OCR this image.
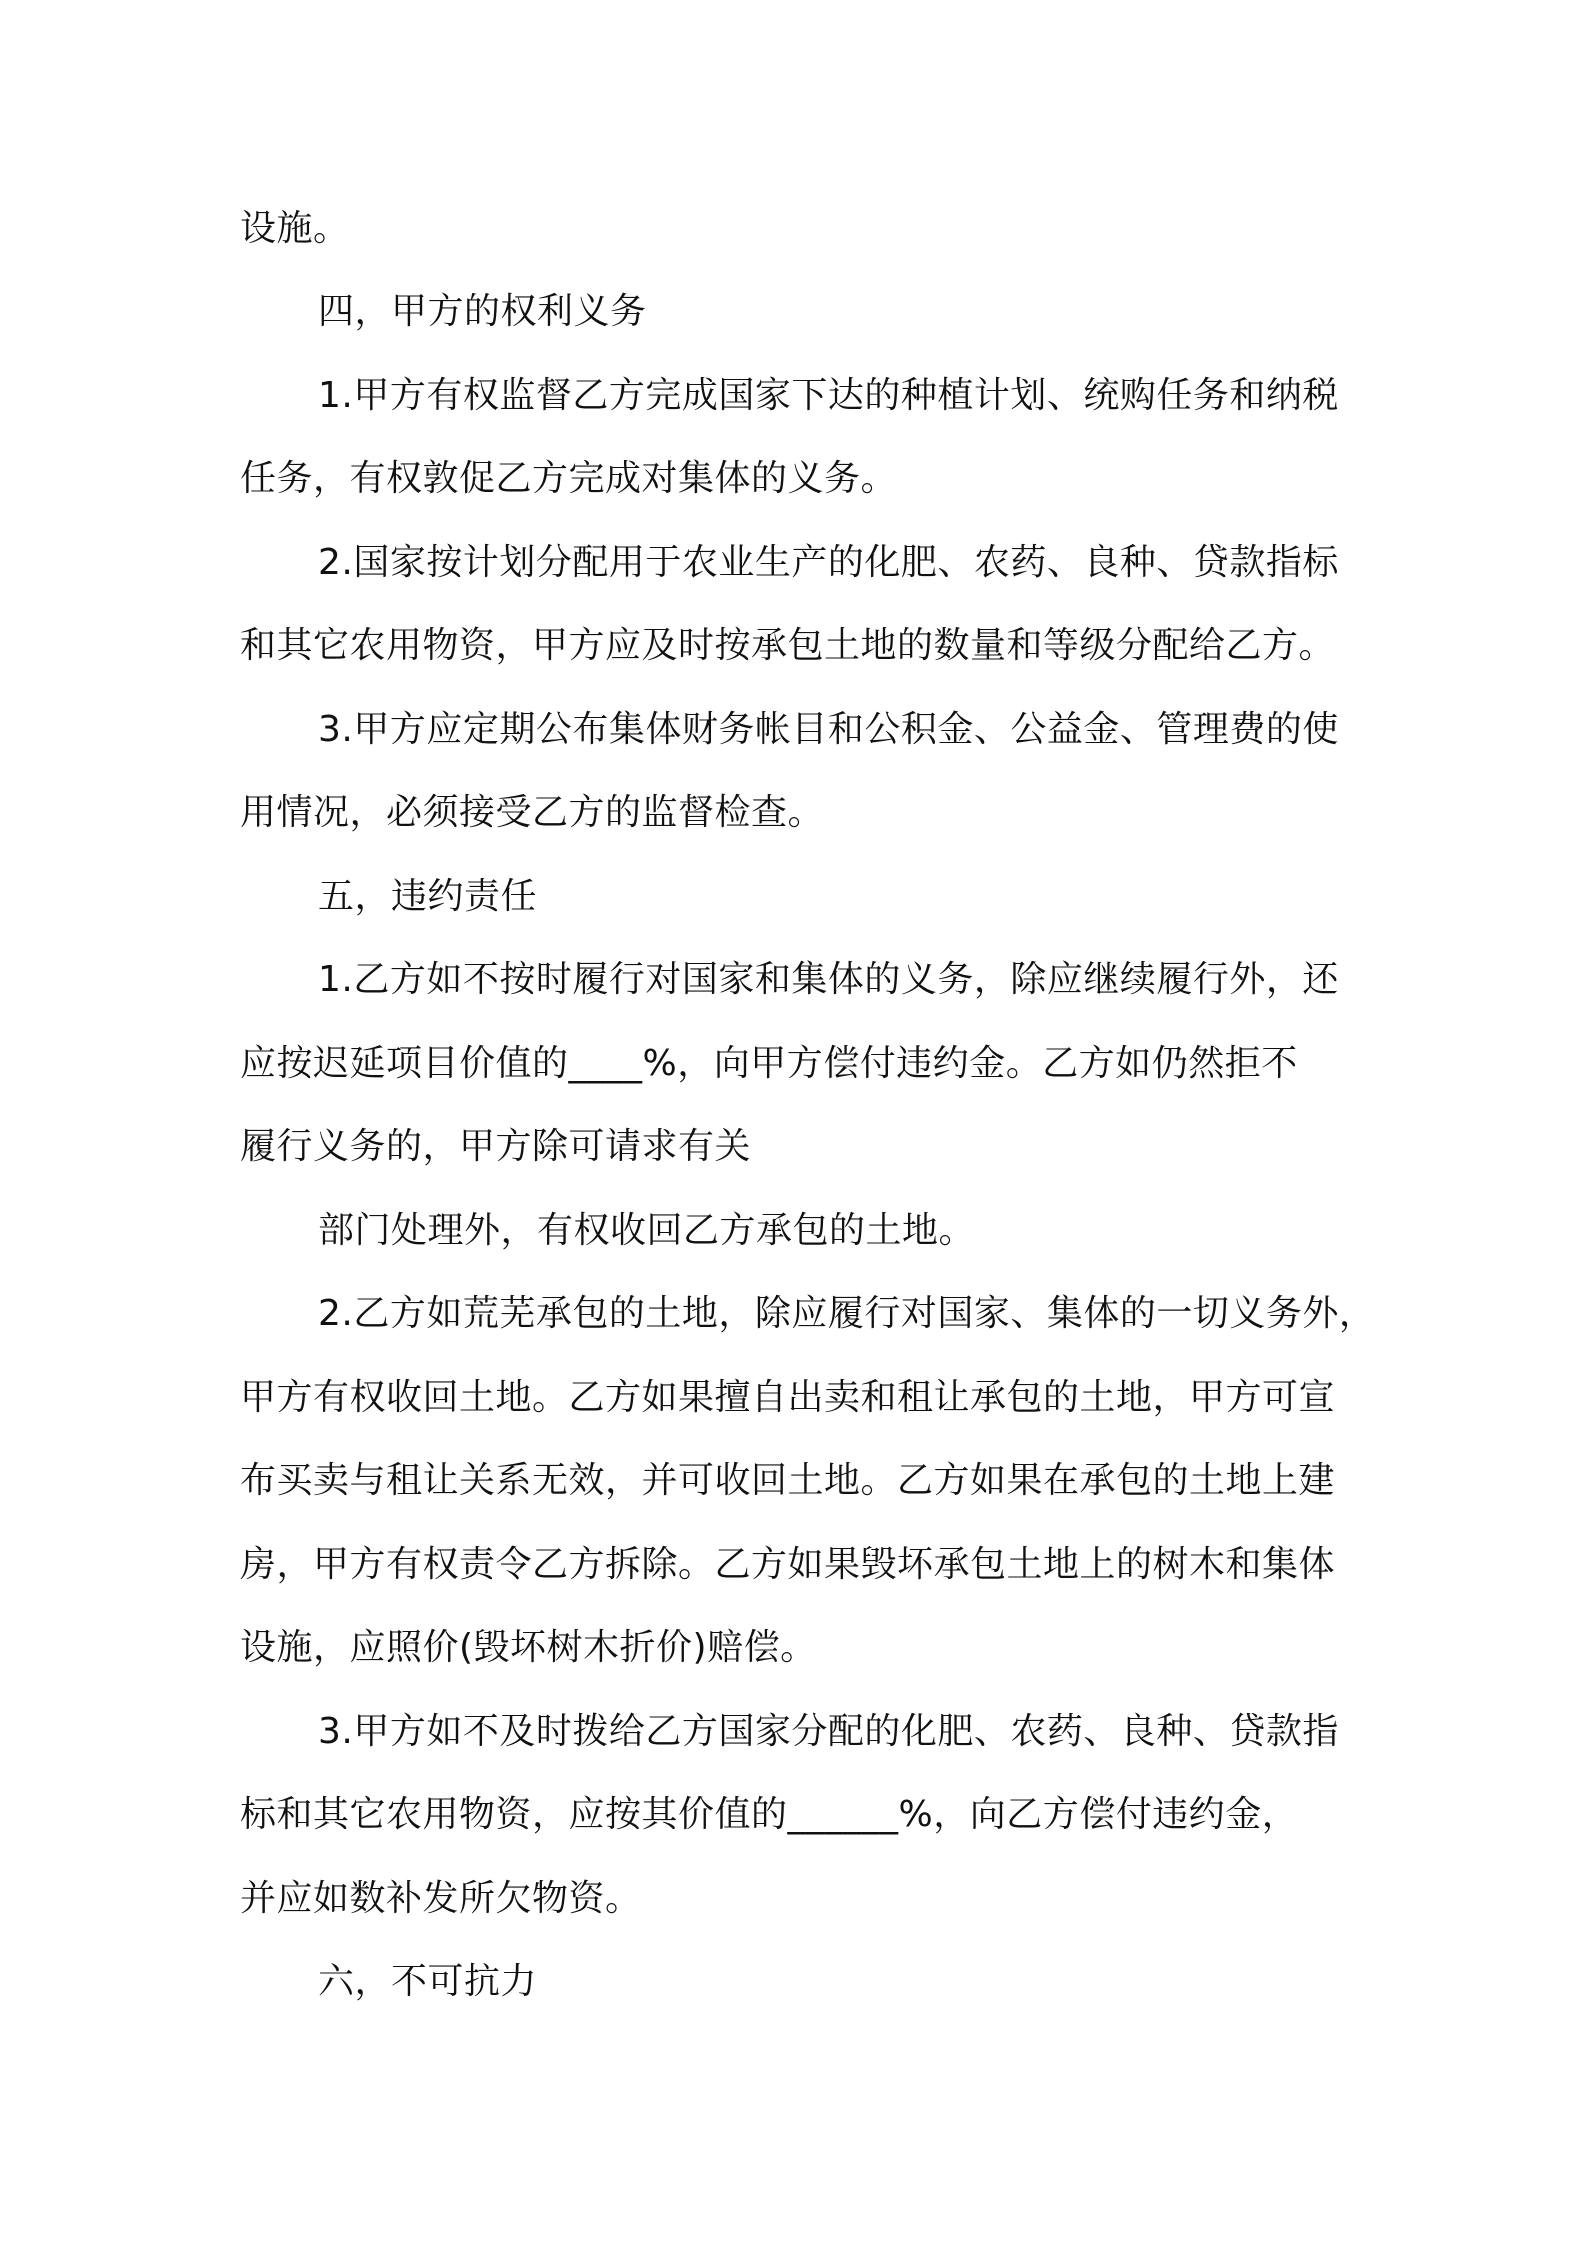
设施。
四，甲方的权利义务
1.甲方有权监督乙方完成国家下达的种植计划、统购任务和纳税
任务，有权敦促乙方完成对集体的义务。
2.国家按计划分配用于农业生产的化肥、农药、良种、贷款指标
和其它农用物资，甲方应及时按承包土地的数量和等级分配给乙方。
3.甲方应定期公布集体财务帐目和公积金、公益金、管理费的使
用情况，必须接受乙方的监督检查。
五，违约责任
1.乙方如不按时履行对国家和集体的义务，除应继续履行外，还
应按迟延项目价值的____%，向甲方偿付违约金。乙方如仍然拒不
履行义务的，甲方除可请求有关
部门处理外，有权收回乙方承包的土地。
2.乙方如荒芜承包的土地，除应履行对国家、集体的一切义务外，
甲方有权收回土地。乙方如果擅自出卖和租让承包的土地，甲方可宣
布买卖与租让关系无效，并可收回土地。乙方如果在承包的土地上建
房，甲方有权责令乙方拆除。乙方如果毁坏承包土地上的树木和集体
设施，应照价(毁坏树木折价)赔偿。
3.甲方如不及时拨给乙方国家分配的化肥、农药、良种、贷款指
标和其它农用物资，应按其价值的______%，向乙方偿付违约金，
并应如数补发所欠物资。
六，不可抗力
